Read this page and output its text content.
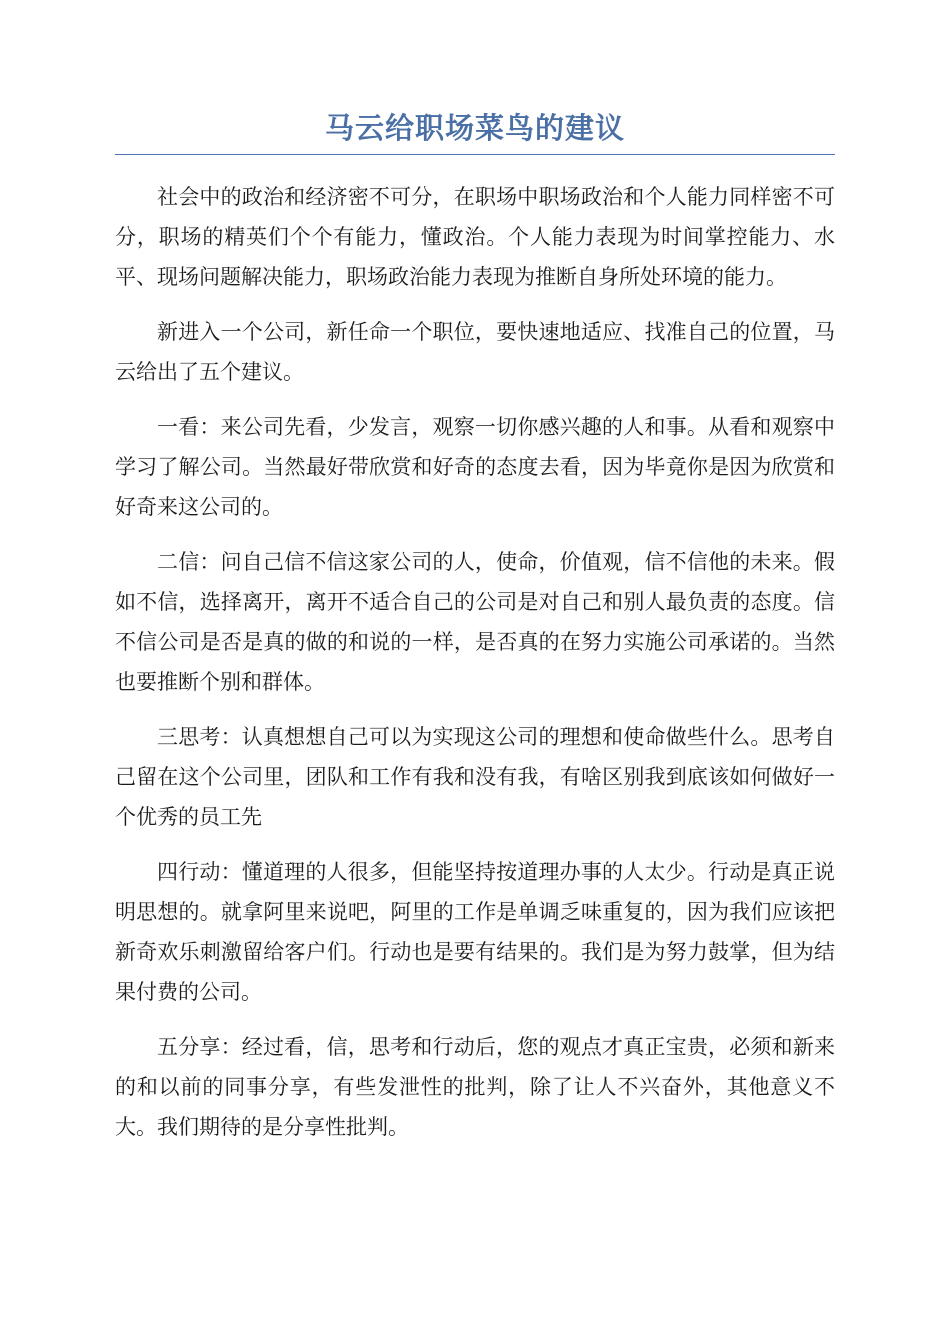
马云给职场菜鸟的建议

社会中的政治和经济密不可分，在职场中职场政治和个人能力同样密不可分，职场的精英们个个有能力，懂政治。个人能力表现为时间掌控能力、水平、现场问题解决能力，职场政治能力表现为推断自身所处环境的能力。

新进入一个公司，新任命一个职位，要快速地适应、找准自己的位置，马云给出了五个建议。

一看：来公司先看，少发言，观察一切你感兴趣的人和事。从看和观察中学习了解公司。当然最好带欣赏和好奇的态度去看，因为毕竟你是因为欣赏和好奇来这公司的。

二信：问自己信不信这家公司的人，使命，价值观，信不信他的未来。假如不信，选择离开，离开不适合自己的公司是对自己和别人最负责的态度。信不信公司是否是真的做的和说的一样，是否真的在努力实施公司承诺的。当然也要推断个别和群体。

三思考：认真想想自己可以为实现这公司的理想和使命做些什么。思考自己留在这个公司里，团队和工作有我和没有我，有啥区别我到底该如何做好一个优秀的员工先

四行动：懂道理的人很多，但能坚持按道理办事的人太少。行动是真正说明思想的。就拿阿里来说吧，阿里的工作是单调乏味重复的，因为我们应该把新奇欢乐刺激留给客户们。行动也是要有结果的。我们是为努力鼓掌，但为结果付费的公司。

五分享：经过看，信，思考和行动后，您的观点才真正宝贵，必须和新来的和以前的同事分享，有些发泄性的批判，除了让人不兴奋外，其他意义不大。我们期待的是分享性批判。
